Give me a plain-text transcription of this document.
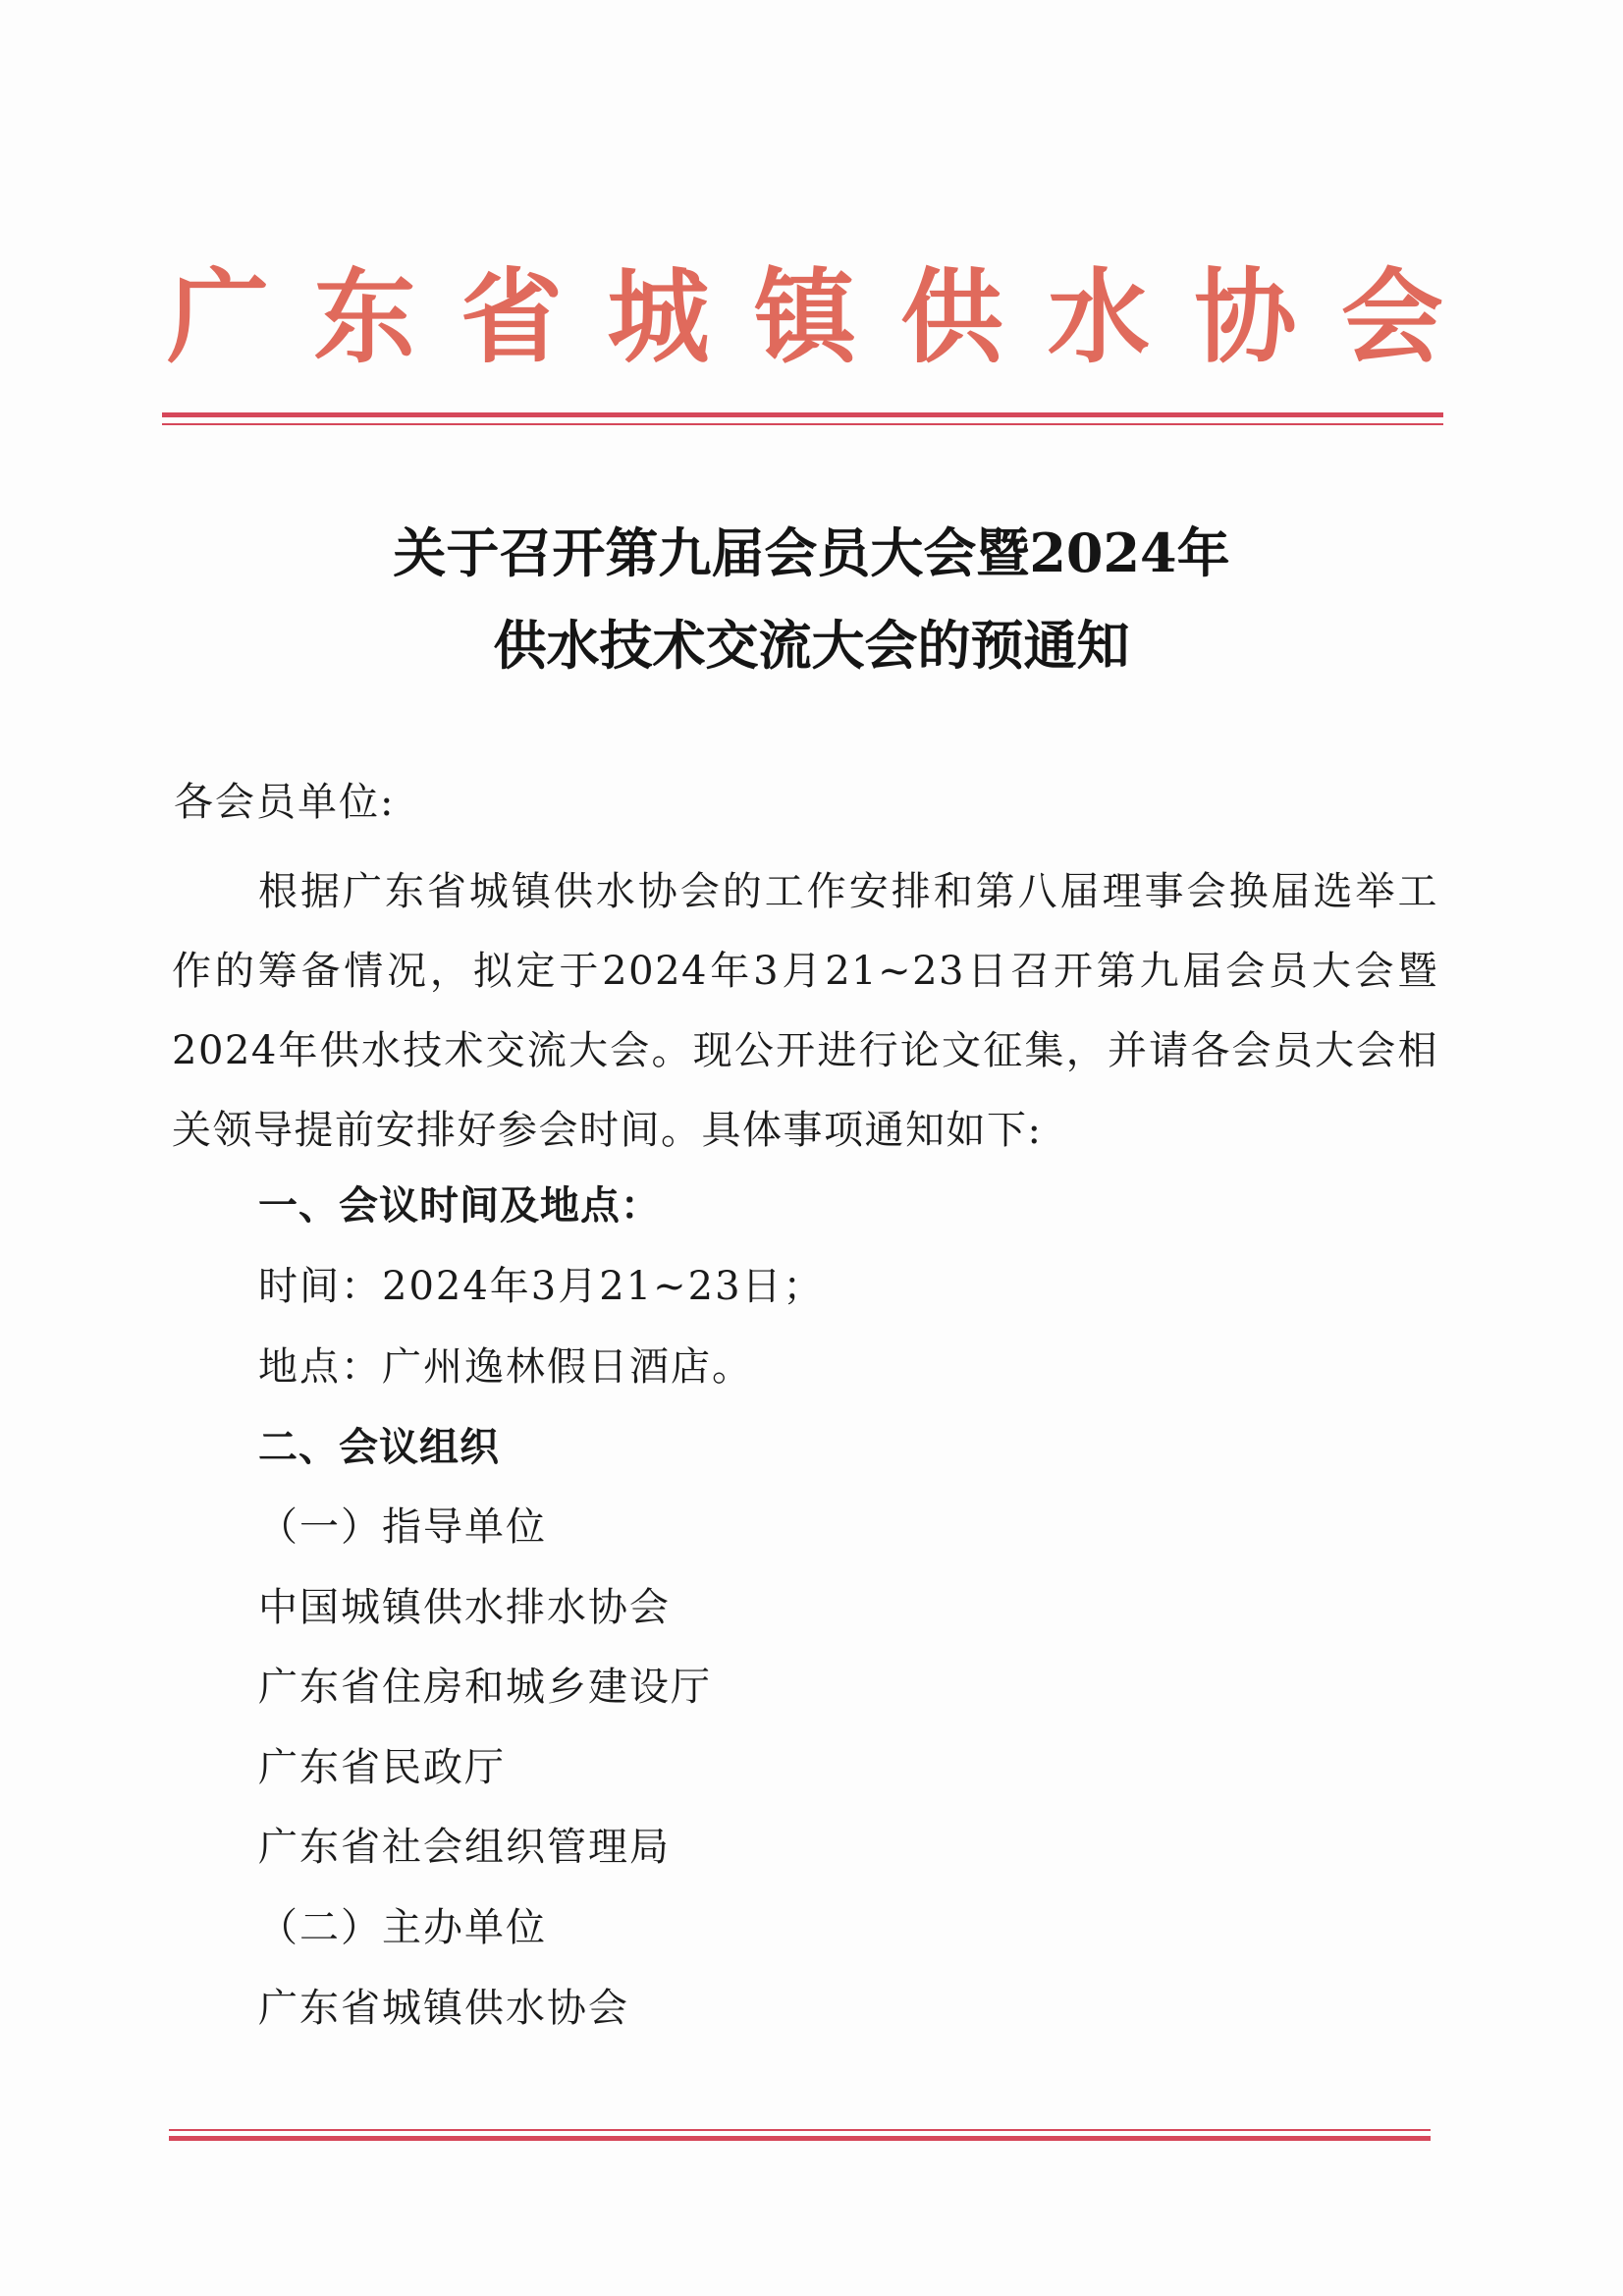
广 东 省 城 镇 供 水 协 会
关于召开第九届会员大会暨2024年
供水技术交流大会的预通知
各会员单位:
根据广东省城镇供水协会的工作安排和第八届理事会换届选举工作的筹备情况，拟定于2024年3月21~23日召开第九届会员大会暨2024年供水技术交流大会。现公开进行论文征集，并请各会员大会相关领导提前安排好参会时间。具体事项通知如下:
一、会议时间及地点：
时间：2024年3月21~23日；
地点：广州逸林假日酒店。
二、会议组织
（一）指导单位
中国城镇供水排水协会
广东省住房和城乡建设厅
广东省民政厅
广东省社会组织管理局
（二）主办单位
广东省城镇供水协会
